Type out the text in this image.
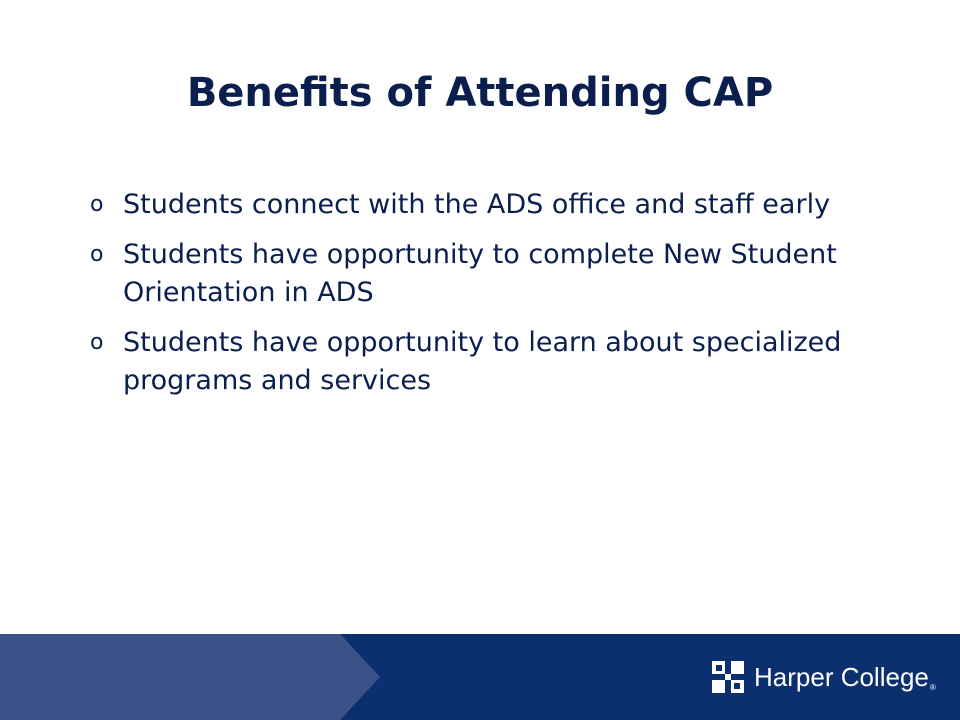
Benefits of Attending CAP
o Students connect with the ADS office and staff early
o Students have opportunity to complete New Student Orientation in ADS
o Students have opportunity to learn about specialized programs and services
Harper College ®
